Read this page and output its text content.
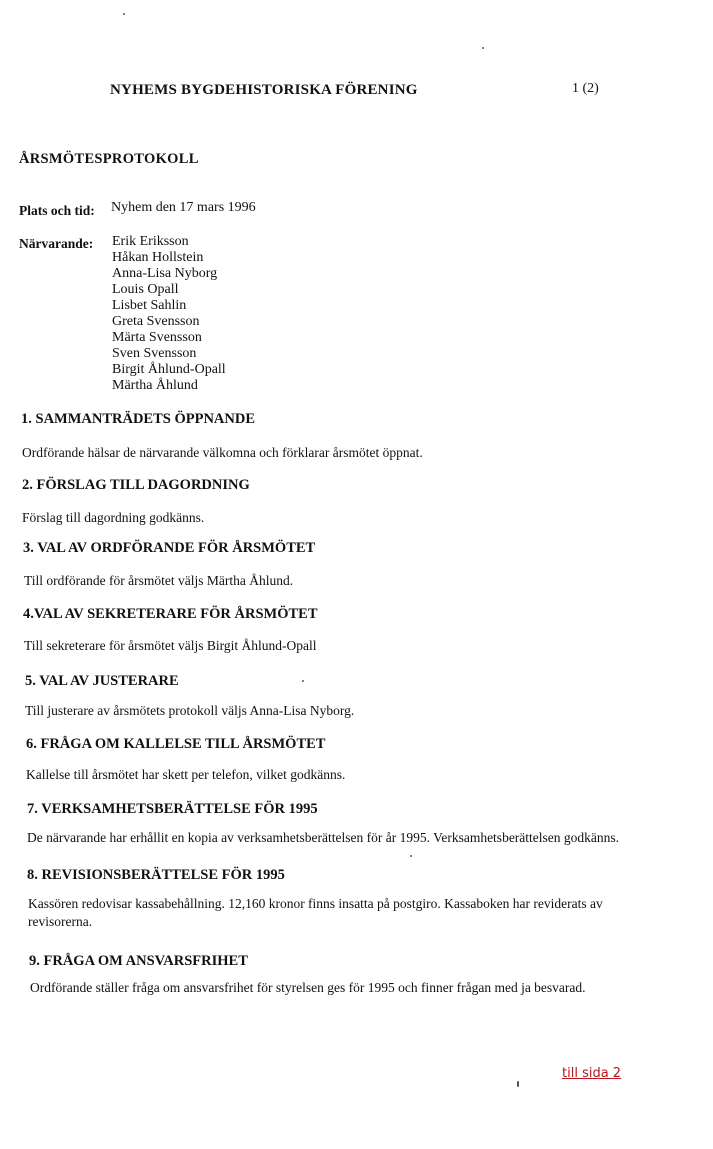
NYHEMS BYGDEHISTORISKA FÖRENING	1 (2)
ÅRSMÖTESPROTOKOLL
Plats och tid: Nyhem den 17 mars 1996
Närvarande: Erik Eriksson
Håkan Hollstein
Anna-Lisa Nyborg
Louis Opall
Lisbet Sahlin
Greta Svensson
Märta Svensson
Sven Svensson
Birgit Åhlund-Opall
Märtha Åhlund
1. SAMMANTRÄDETS ÖPPNANDE
Ordförande hälsar de närvarande välkomna och förklarar årsmötet öppnat.
2. FÖRSLAG TILL DAGORDNING
Förslag till dagordning godkänns.
3. VAL AV ORDFÖRANDE FÖR ÅRSMÖTET
Till ordförande för årsmötet väljs Märtha Åhlund.
4.VAL AV SEKRETERARE FÖR ÅRSMÖTET
Till sekreterare för årsmötet väljs Birgit Åhlund-Opall
5. VAL AV JUSTERARE
Till justerare av årsmötets protokoll väljs Anna-Lisa Nyborg.
6. FRÅGA OM KALLELSE TILL ÅRSMÖTET
Kallelse till årsmötet har skett per telefon, vilket godkänns.
7. VERKSAMHETSBERÄTTELSE FÖR 1995
De närvarande har erhållit en kopia av verksamhetsberättelsen för år 1995. Verksamhetsberättelsen godkänns.
8. REVISIONSBERÄTTELSE FÖR 1995
Kassören redovisar kassabehållning. 12,160 kronor finns insatta på postgiro. Kassaboken har reviderats av revisorerna.
9. FRÅGA OM ANSVARSFRIHET
Ordförande ställer fråga om ansvarsfrihet för styrelsen ges för 1995 och finner frågan med ja besvarad.
till sida 2
